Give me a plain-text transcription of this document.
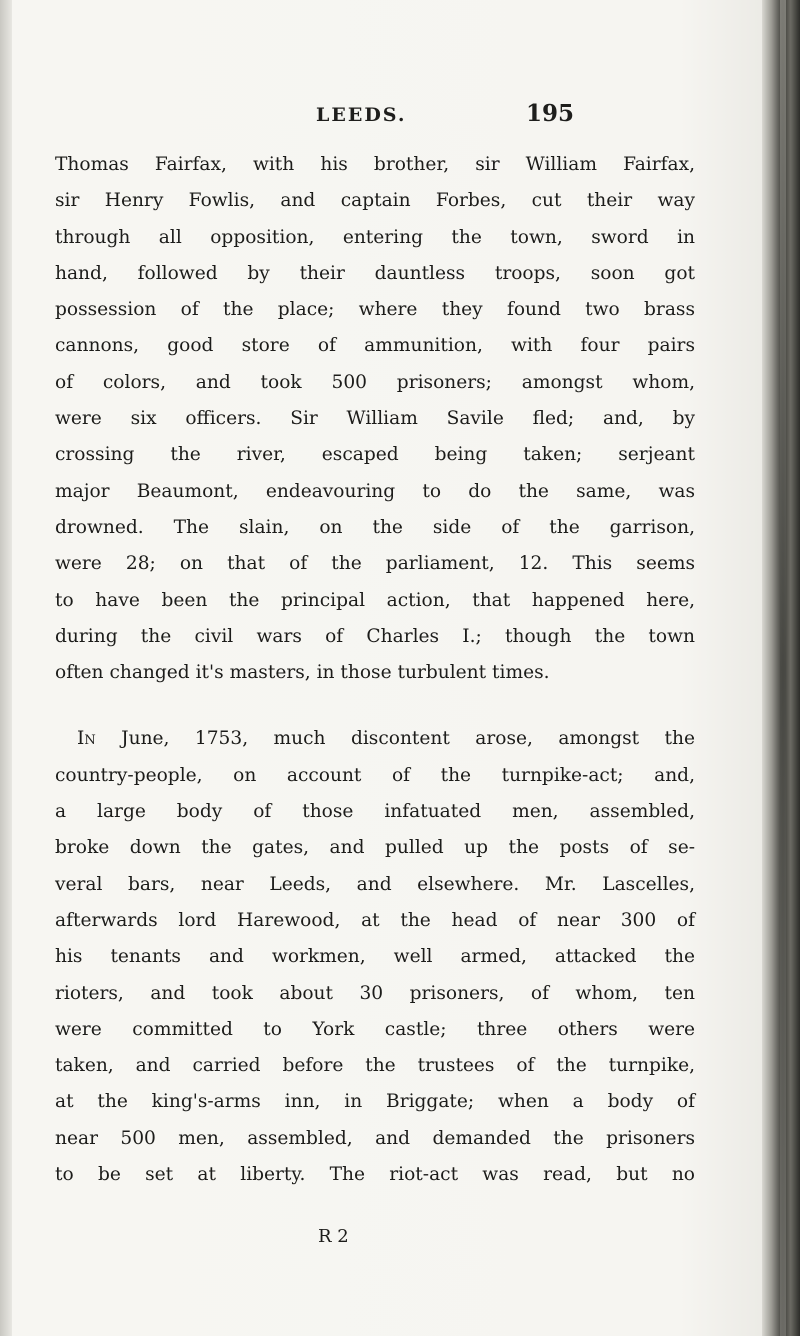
LEEDS.	195
Thomas Fairfax, with his brother, sir William Fairfax,
sir Henry Fowlis, and captain Forbes, cut their way
through all opposition, entering the town, sword in
hand, followed by their dauntless troops, soon got
possession of the place; where they found two brass
cannons, good store of ammunition, with four pairs
of colors, and took 500 prisoners; amongst whom,
were six officers. Sir William Savile fled; and, by
crossing the river, escaped being taken; serjeant
major Beaumont, endeavouring to do the same, was
drowned. The slain, on the side of the garrison,
were 28; on that of the parliament, 12. This seems
to have been the principal action, that happened here,
during the civil wars of Charles I.; though the town
often changed it's masters, in those turbulent times.
In June, 1753, much discontent arose, amongst the
country-people, on account of the turnpike-act; and,
a large body of those infatuated men, assembled,
broke down the gates, and pulled up the posts of se-
veral bars, near Leeds, and elsewhere. Mr. Lascelles,
afterwards lord Harewood, at the head of near 300 of
his tenants and workmen, well armed, attacked the
rioters, and took about 30 prisoners, of whom, ten
were committed to York castle; three others were
taken, and carried before the trustees of the turnpike,
at the king's-arms inn, in Briggate; when a body of
near 500 men, assembled, and demanded the prisoners
to be set at liberty. The riot-act was read, but no
R 2
